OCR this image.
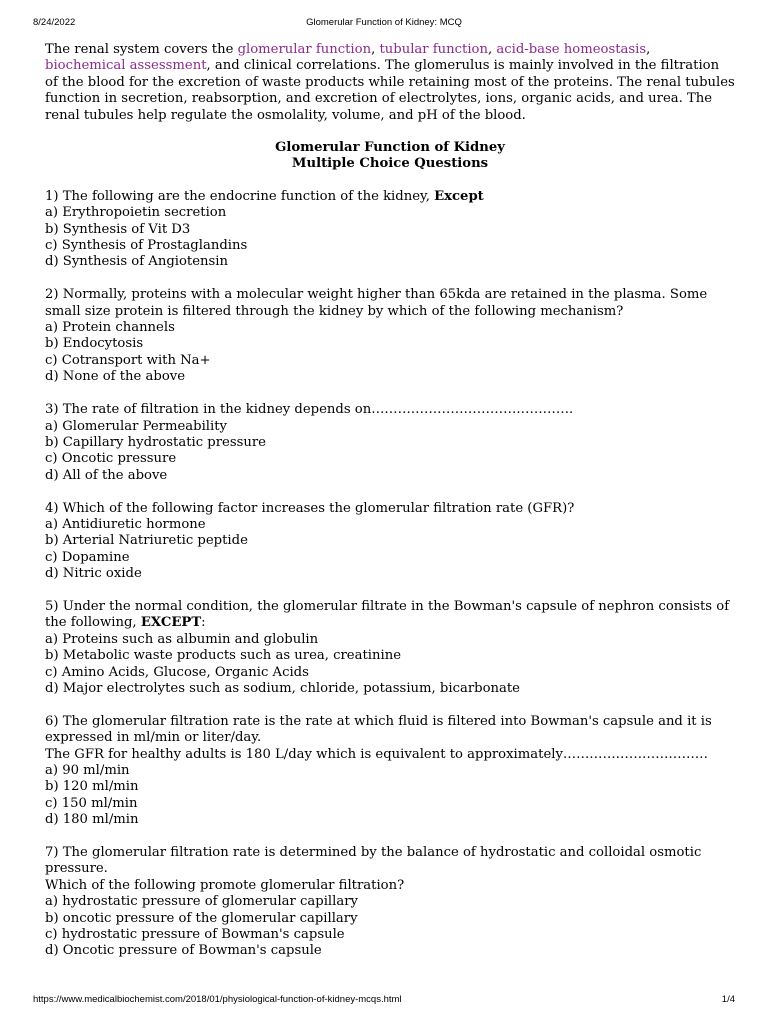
8/24/2022	Glomerular Function of Kidney: MCQ

The renal system covers the glomerular function, tubular function, acid-base homeostasis, biochemical assessment, and clinical correlations. The glomerulus is mainly involved in the filtration of the blood for the excretion of waste products while retaining most of the proteins. The renal tubules function in secretion, reabsorption, and excretion of electrolytes, ions, organic acids, and urea. The renal tubules help regulate the osmolality, volume, and pH of the blood.

Glomerular Function of Kidney
Multiple Choice Questions

1) The following are the endocrine function of the kidney, Except

a) Erythropoietin secretion

b) Synthesis of Vit D3

c) Synthesis of Prostaglandins

d) Synthesis of Angiotensin

2) Normally, proteins with a molecular weight higher than 65kda are retained in the plasma. Some small size protein is filtered through the kidney by which of the following mechanism?

a) Protein channels

b) Endocytosis

c) Cotransport with Na+

d) None of the above

3) The rate of filtration in the kidney depends on……………………………………….

a) Glomerular Permeability

b) Capillary hydrostatic pressure

c) Oncotic pressure

d) All of the above

4) Which of the following factor increases the glomerular filtration rate (GFR)?

a) Antidiuretic hormone

b) Arterial Natriuretic peptide

c) Dopamine

d) Nitric oxide

5) Under the normal condition, the glomerular filtrate in the Bowman's capsule of nephron consists of the following, EXCEPT:

a) Proteins such as albumin and globulin

b) Metabolic waste products such as urea, creatinine

c) Amino Acids, Glucose, Organic Acids

d) Major electrolytes such as sodium, chloride, potassium, bicarbonate

6) The glomerular filtration rate is the rate at which fluid is filtered into Bowman's capsule and it is expressed in ml/min or liter/day.

The GFR for healthy adults is 180 L/day which is equivalent to approximately……………………………

a) 90 ml/min

b) 120 ml/min

c) 150 ml/min

d) 180 ml/min

7) The glomerular filtration rate is determined by the balance of hydrostatic and colloidal osmotic pressure.

Which of the following promote glomerular filtration?

a) hydrostatic pressure of glomerular capillary

b) oncotic pressure of the glomerular capillary

c) hydrostatic pressure of Bowman's capsule

d) Oncotic pressure of Bowman's capsule

https://www.medicalbiochemist.com/2018/01/physiological-function-of-kidney-mcqs.html	1/4
